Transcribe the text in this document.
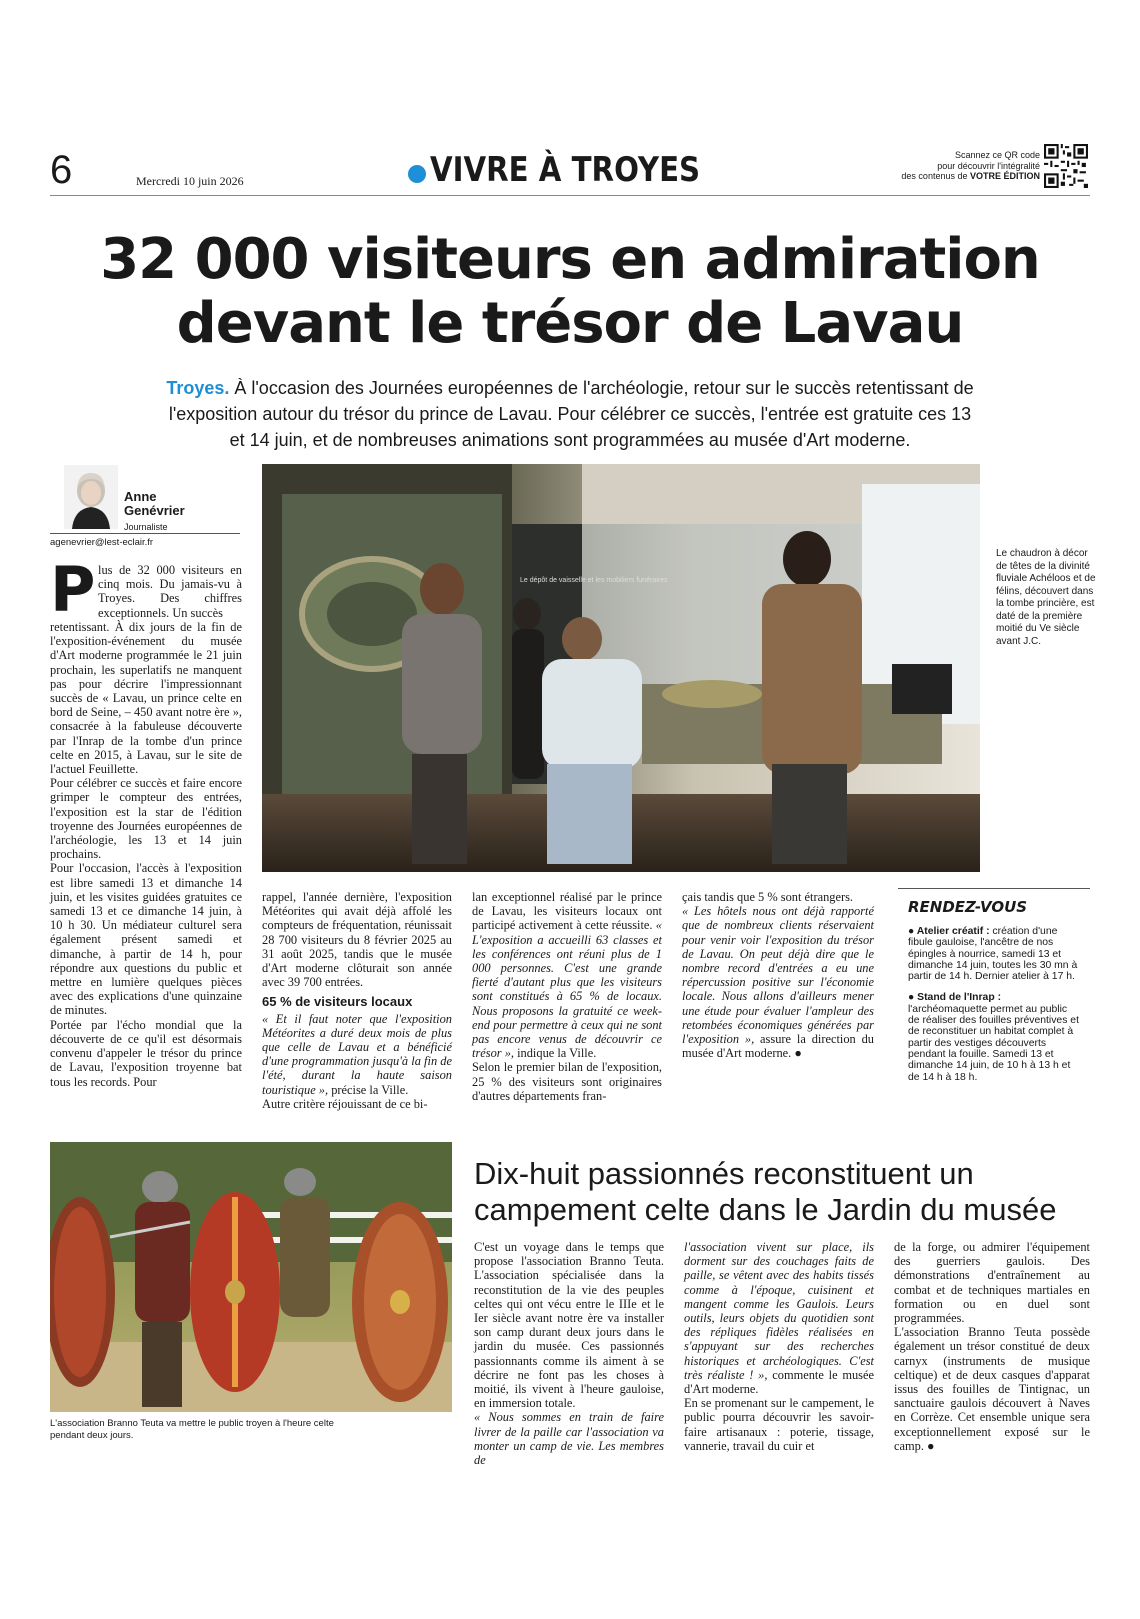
6	Mercredi 10 juin 2026	VIVRE À TROYES	Scannez ce QR code
pour découvrir l'intégralité
des contenus de VOTRE ÉDITION
32 000 visiteurs en admiration
devant le trésor de Lavau
Troyes. À l'occasion des Journées européennes de l'archéologie, retour sur le succès retentissant de l'exposition autour du trésor du prince de Lavau. Pour célébrer ce succès, l'entrée est gratuite ces 13 et 14 juin, et de nombreuses animations sont programmées au musée d'Art moderne.
Anne
Genévrier
Journaliste
agenevrier@lest-eclair.fr
P lus de 32 000 visiteurs en cinq mois. Du jamais-vu à Troyes. Des chiffres exceptionnels. Un succès

retentissant. À dix jours de la fin de l'exposition-événement du musée d'Art moderne programmée le 21 juin prochain, les superlatifs ne manquent pas pour décrire l'impressionnant succès de « Lavau, un prince celte en bord de Seine, – 450 avant notre ère », consacrée à la fabuleuse découverte par l'Inrap de la tombe d'un prince celte en 2015, à Lavau, sur le site de l'actuel Feuillette.

Pour célébrer ce succès et faire encore grimper le compteur des entrées, l'exposition est la star de l'édition troyenne des Journées européennes de l'archéologie, les 13 et 14 juin prochains.

Pour l'occasion, l'accès à l'exposition est libre samedi 13 et dimanche 14 juin, et les visites guidées gratuites ce samedi 13 et ce dimanche 14 juin, à 10 h 30. Un médiateur culturel sera également présent samedi et dimanche, à partir de 14 h, pour répondre aux questions du public et mettre en lumière quelques pièces avec des explications d'une quinzaine de minutes.

Portée par l'écho mondial que la découverte de ce qu'il est désormais convenu d'appeler le trésor du prince de Lavau, l'exposition troyenne bat tous les records. Pour

Le dépôt de vaisselle et les mobiliers funéraires
Le chaudron à décor de têtes de la divinité fluviale Achéloos et de félins, découvert dans la tombe princière, est daté de la première moitié du Ve siècle avant J.C.

rappel, l'année dernière, l'exposition Météorites qui avait déjà affolé les compteurs de fréquentation, réunissait 28 700 visiteurs du 8 février 2025 au 31 août 2025, tandis que le musée d'Art moderne clôturait son année avec 39 700 entrées.

65 % de visiteurs locaux

« Et il faut noter que l'exposition Météorites a duré deux mois de plus que celle de Lavau et a bénéficié d'une programmation jusqu'à la fin de l'été, durant la haute saison touristique », précise la Ville.

Autre critère réjouissant de ce bi-

lan exceptionnel réalisé par le prince de Lavau, les visiteurs locaux ont participé activement à cette réussite. « L'exposition a accueilli 63 classes et les conférences ont réuni plus de 1 000 personnes. C'est une grande fierté d'autant plus que les visiteurs sont constitués à 65 % de locaux. Nous proposons la gratuité ce week-end pour permettre à ceux qui ne sont pas encore venus de découvrir ce trésor », indique la Ville.

Selon le premier bilan de l'exposition, 25 % des visiteurs sont originaires d'autres départements fran-

çais tandis que 5 % sont étrangers.

« Les hôtels nous ont déjà rapporté que de nombreux clients réservaient pour venir voir l'exposition du trésor de Lavau. On peut déjà dire que le nombre record d'entrées a eu une répercussion positive sur l'économie locale. Nous allons d'ailleurs mener une étude pour évaluer l'ampleur des retombées économiques générées par l'exposition », assure la direction du musée d'Art moderne. ●

RENDEZ-VOUS

● Atelier créatif : création d'une fibule gauloise, l'ancêtre de nos épingles à nourrice, samedi 13 et dimanche 14 juin, toutes les 30 mn à partir de 14 h. Dernier atelier à 17 h.

● Stand de l'Inrap : l'archéomaquette permet au public de réaliser des fouilles préventives et de reconstituer un habitat complet à partir des vestiges découverts pendant la fouille. Samedi 13 et dimanche 14 juin, de 10 h à 13 h et de 14 h à 18 h.

L'association Branno Teuta va mettre le public troyen à l'heure celte pendant deux jours.
Dix-huit passionnés reconstituent un campement celte dans le Jardin du musée

C'est un voyage dans le temps que propose l'association Branno Teuta. L'association spécialisée dans la reconstitution de la vie des peuples celtes qui ont vécu entre le IIIe et le Ier siècle avant notre ère va installer son camp durant deux jours dans le jardin du musée. Ces passionnés passionnants comme ils aiment à se décrire ne font pas les choses à moitié, ils vivent à l'heure gauloise, en immersion totale.

« Nous sommes en train de faire livrer de la paille car l'association va monter un camp de vie. Les membres de

l'association vivent sur place, ils dorment sur des couchages faits de paille, se vêtent avec des habits tissés comme à l'époque, cuisinent et mangent comme les Gaulois. Leurs outils, leurs objets du quotidien sont des répliques fidèles réalisées en s'appuyant sur des recherches historiques et archéologiques. C'est très réaliste ! », commente le musée d'Art moderne.

En se promenant sur le campement, le public pourra découvrir les savoir-faire artisanaux : poterie, tissage, vannerie, travail du cuir et

de la forge, ou admirer l'équipement des guerriers gaulois. Des démonstrations d'entraînement au combat et de techniques martiales en formation ou en duel sont programmées.

L'association Branno Teuta possède également un trésor constitué de deux carnyx (instruments de musique celtique) et de deux casques d'apparat issus des fouilles de Tintignac, un sanctuaire gaulois découvert à Naves en Corrèze. Cet ensemble unique sera exceptionnellement exposé sur le camp. ●
